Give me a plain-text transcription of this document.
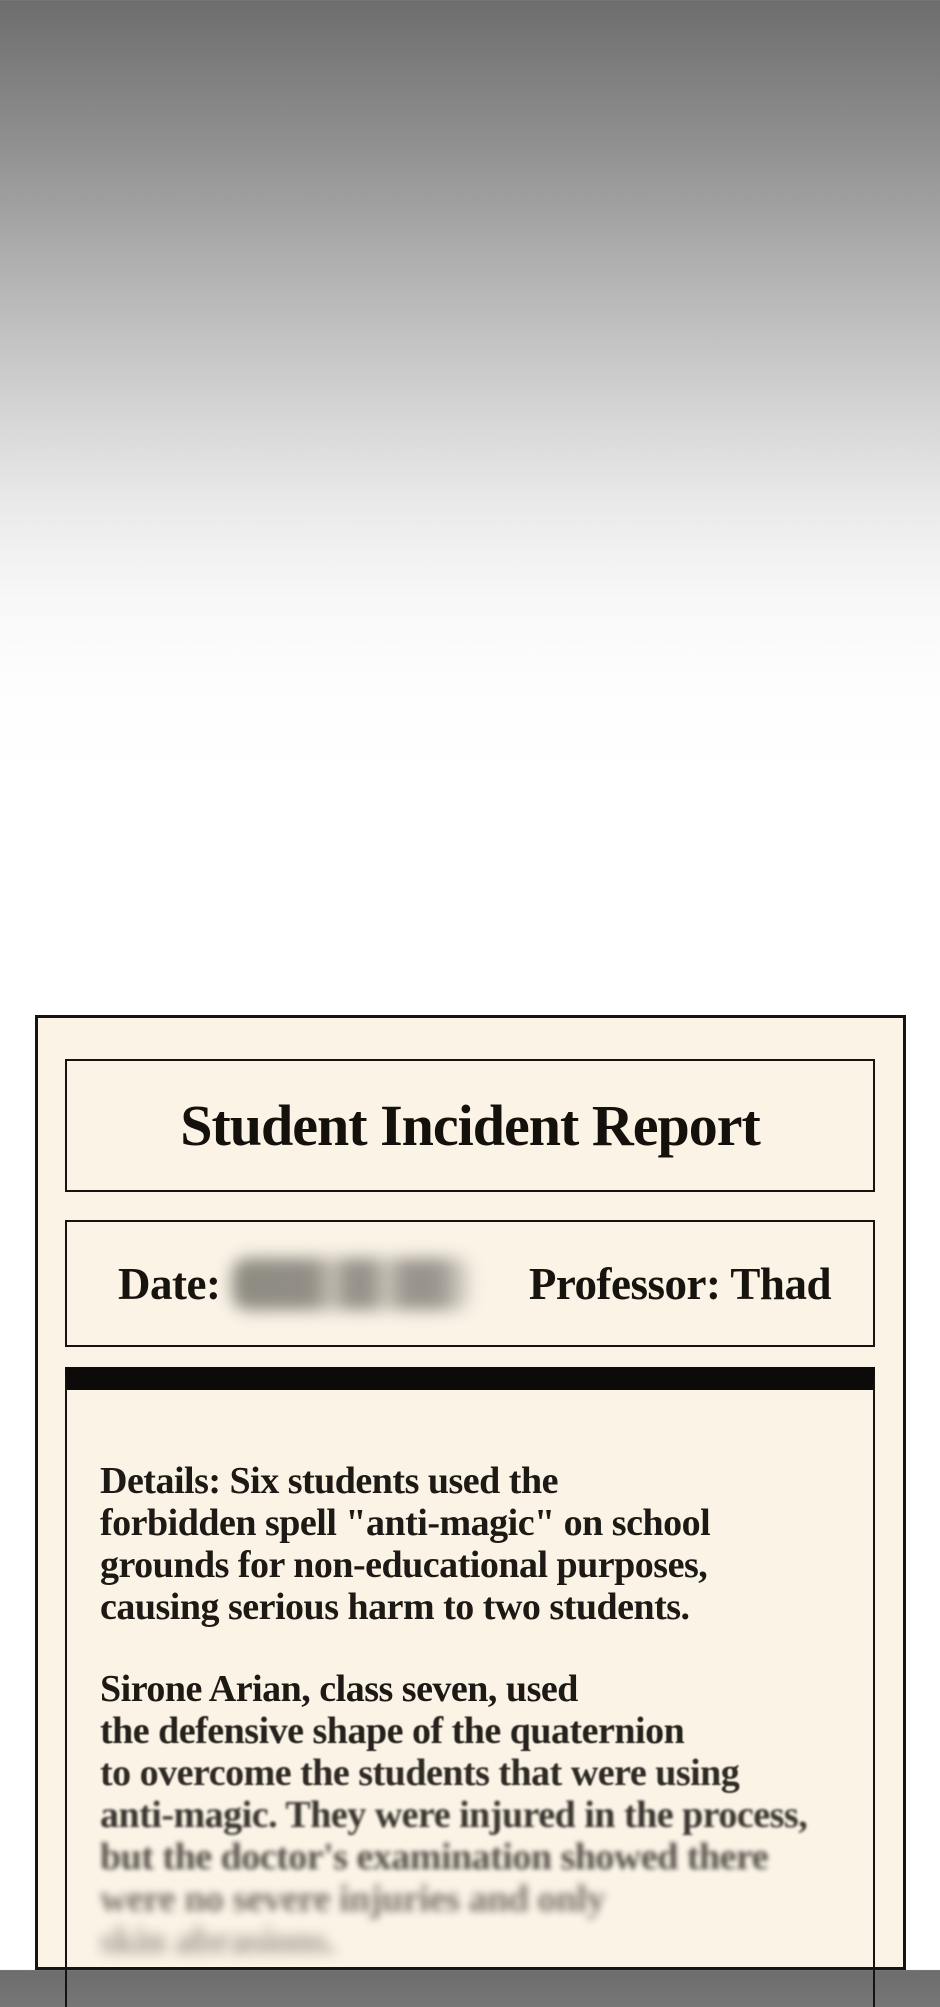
Student Incident Report
Date:	Professor: Thad
Details: Six students used the
forbidden spell "anti-magic" on school
grounds for non-educational purposes,
causing serious harm to two students.
Sirone Arian, class seven, used
the defensive shape of the quaternion
to overcome the students that were using
anti-magic. They were injured in the process,
but the doctor's examination showed there
were no severe injuries and only
skin abrasions.
